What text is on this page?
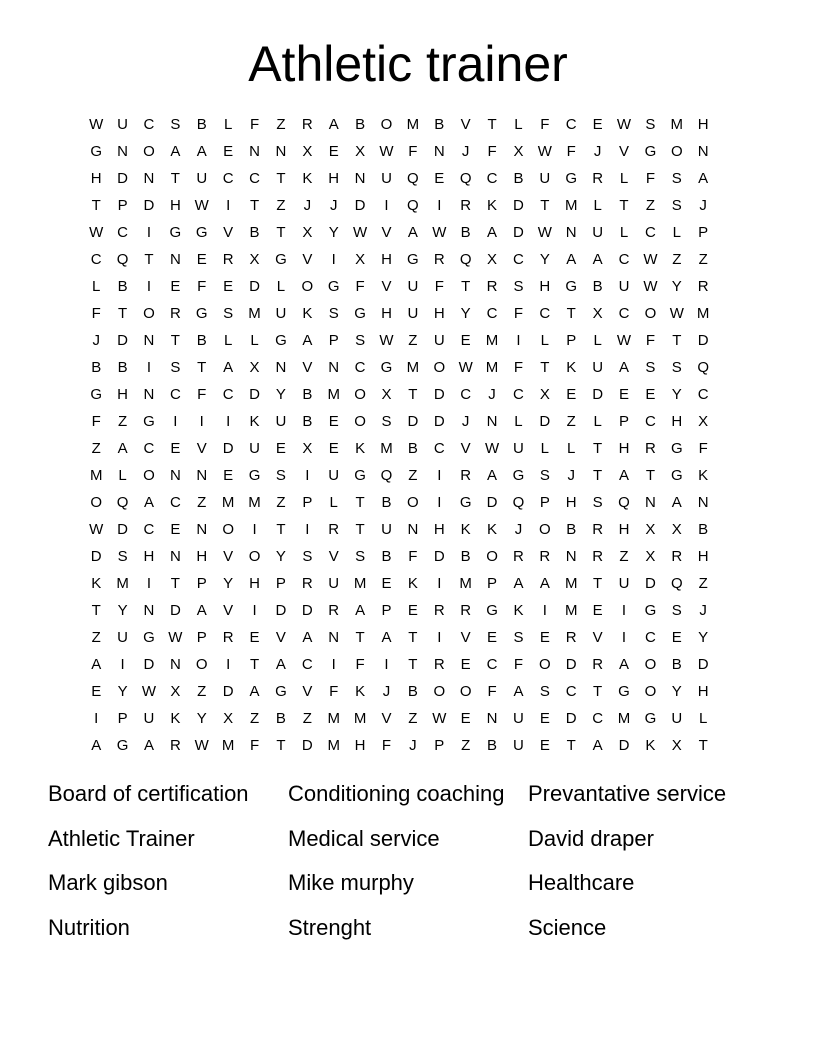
Athletic trainer
W U	C	S	B	L	F	Z	R	A	B	O M	B	V	T	L	F	C	E W S	M H
G	N	O	A	A	E	N	N	X	E	X W F	N	J	F	X W F	J	V	G O	N
H	D	N	T	U	C	C	T	K	H	N	U	Q	E	Q	C	B	U	G	R	L	F	S	A
T	P	D	H W	I	T	Z	J	J	D	I	Q	I	R	K	D	T	M	L	T	Z	S	J
W C	I	G G	V	B	T	X	Y W V	A W B	A	D W N	U	L	C	L	P
C	Q	T	N	E	R	X	G	V	I	X	H	G	R	Q	X	C	Y	A	A	C W Z	Z
L	B	I	E	F	E	D	L	O G	F	V	U	F	T	R	S	H	G	B	U W Y	R
F	T	O	R	G	S	M U	K	S	G	H	U	H	Y	C	F	C	T	X	C	O W M
J	D	N	T	B	L	L	G	A	P	S W Z	U	E	M	I	L	P	L	W F	T	D
B	B	I	S	T	A	X	N	V	N	C	G M O W M	F	T	K	U	A	S	S	Q
G	H	N	C	F	C	D	Y	B	M O	X	T	D	C	J	C	X	E	D	E	E	Y	C
F	Z	G	I	I	I	K	U	B	E	O	S	D	D	J	N	L	D	Z	L	P	C	H	X
Z	A	C	E	V	D	U	E	X	E	K	M	B	C	V W U	L	L	T	H	R	G	F
M	L	O	N	N	E	G	S	I	U	G Q	Z	I	R	A	G	S	J	T	A	T	G	K
O Q	A	C	Z	M M	Z	P	L	T	B	O	I	G	D	Q	P	H	S	Q	N	A	N
W D	C	E	N	O	I	T	I	R	T	U	N	H	K	K	J	O	B	R	H	X	X	B
D	S	H	N	H	V	O	Y	S	V	S	B	F	D	B	O	R	R	N	R	Z	X	R	H
K	M	I	T	P	Y	H	P	R	U M	E	K	I	M	P	A	A	M	T	U	D	Q	Z
T	Y	N	D	A	V	I	D	D	R	A	P	E	R	R	G	K	I	M	E	I	G	S	J
Z	U	G W P	R	E	V	A	N	T	A	T	I	V	E	S	E	R	V	I	C	E	Y
A	I	D	N	O	I	T	A	C	I	F	I	T	R	E	C	F	O	D	R	A	O	B	D
E	Y W X	Z	D	A	G	V	F	K	J	B	O O	F	A	S	C	T	G O	Y	H
I	P	U	K	Y	X	Z	B	Z	M M	V	Z W E	N	U	E	D	C M G	U	L
A	G	A	R W M	F	T	D M H	F	J	P	Z	B	U	E	T	A	D	K	X	T
Board of certification	Conditioning coaching	Prevantative service
Athletic Trainer	Medical service	David draper
Mark gibson	Mike murphy	Healthcare
Nutrition	Strenght	Science
